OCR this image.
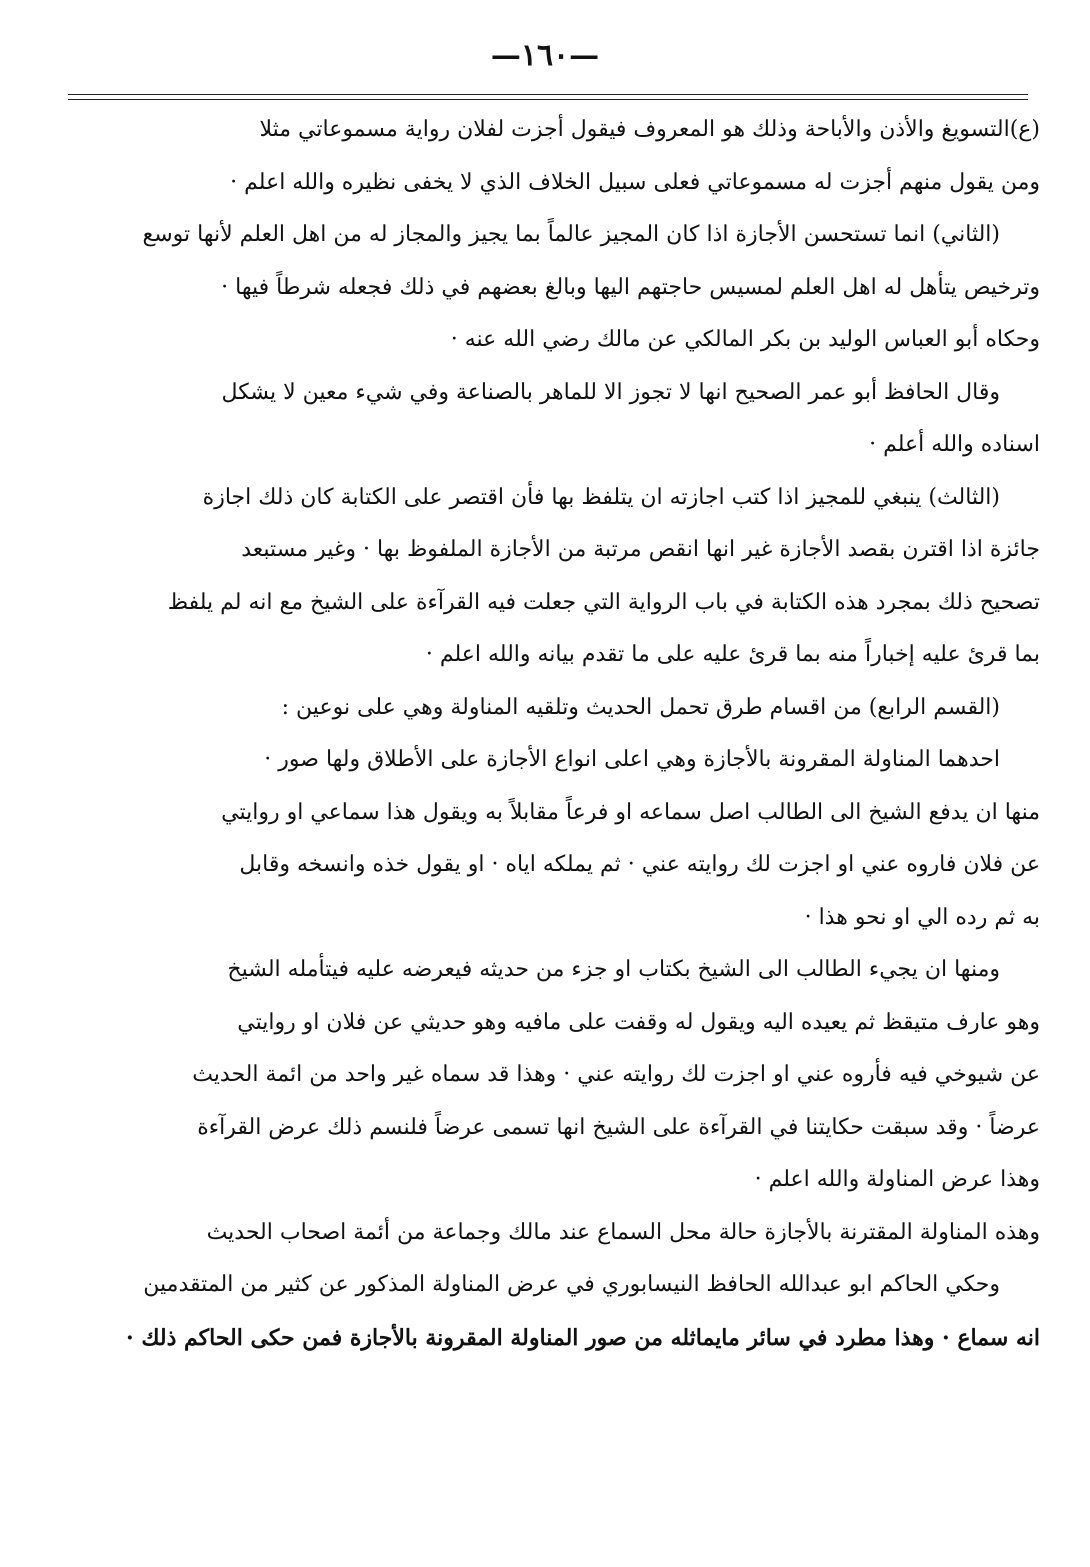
—١٦٠—
(ع)التسويغ والأذن والأباحة وذلك هو المعروف فيقول أجزت لفلان رواية مسموعاتي مثلا
ومن يقول منهم أجزت له مسموعاتي فعلى سبيل الخلاف الذي لا يخفى نظيره والله اعلم ·
(الثاني) انما تستحسن الأجازة اذا كان المجيز عالماً بما يجيز والمجاز له من اهل العلم لأنها توسع
وترخيص يتأهل له اهل العلم لمسيس حاجتهم اليها وبالغ بعضهم في ذلك فجعله شرطاً فيها ·
وحكاه أبو العباس الوليد بن بكر المالكي عن مالك رضي الله عنه ·
وقال الحافظ أبو عمر الصحيح انها لا تجوز الا للماهر بالصناعة وفي شيء معين لا يشكل
اسناده والله أعلم ·
(الثالث) ينبغي للمجيز اذا كتب اجازته ان يتلفظ بها فأن اقتصر على الكتابة كان ذلك اجازة
جائزة اذا اقترن بقصد الأجازة غير انها انقص مرتبة من الأجازة الملفوظ بها · وغير مستبعد
تصحيح ذلك بمجرد هذه الكتابة في باب الرواية التي جعلت فيه القرآءة على الشيخ مع انه لم يلفظ
بما قرئ عليه إخباراً منه بما قرئ عليه على ما تقدم بيانه والله اعلم ·
(القسم الرابع) من اقسام طرق تحمل الحديث وتلقيه المناولة وهي على نوعين :
احدهما المناولة المقرونة بالأجازة وهي اعلى انواع الأجازة على الأطلاق ولها صور ·
منها ان يدفع الشيخ الى الطالب اصل سماعه او فرعاً مقابلاً به ويقول هذا سماعي او روايتي
عن فلان فاروه عني او اجزت لك روايته عني · ثم يملكه اياه · او يقول خذه وانسخه وقابل
به ثم رده الي او نحو هذا ·
ومنها ان يجيء الطالب الى الشيخ بكتاب او جزء من حديثه فيعرضه عليه فيتأمله الشيخ
وهو عارف متيقظ ثم يعيده اليه ويقول له وقفت على مافيه وهو حديثي عن فلان او روايتي
عن شيوخي فيه فأروه عني او اجزت لك روايته عني · وهذا قد سماه غير واحد من ائمة الحديث
عرضاً · وقد سبقت حكايتنا في القرآءة على الشيخ انها تسمى عرضاً فلنسم ذلك عرض القرآءة
وهذا عرض المناولة والله اعلم ·
وهذه المناولة المقترنة بالأجازة حالة محل السماع عند مالك وجماعة من أئمة اصحاب الحديث
وحكي الحاكم ابو عبدالله الحافظ النيسابوري في عرض المناولة المذكور عن كثير من المتقدمين
انه سماع · وهذا مطرد في سائر مايماثله من صور المناولة المقرونة بالأجازة فمن حكى الحاكم ذلك ·
